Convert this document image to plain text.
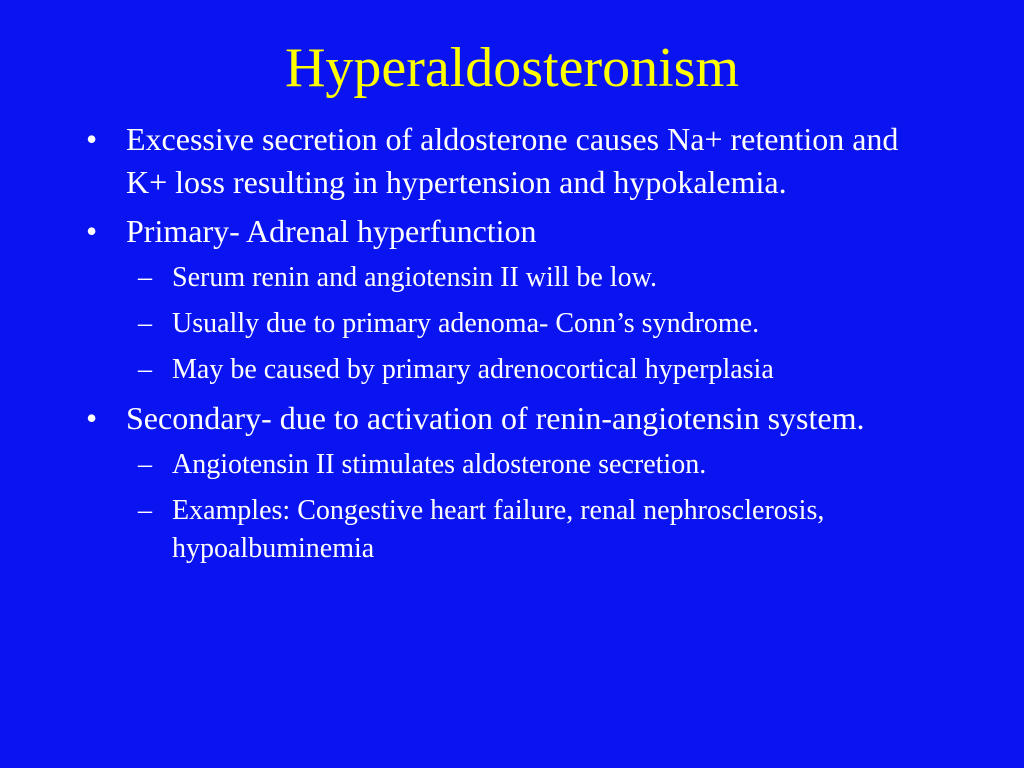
Hyperaldosteronism
• Excessive secretion of aldosterone causes Na+ retention and K+ loss resulting in hypertension and hypokalemia.
• Primary- Adrenal hyperfunction
– Serum renin and angiotensin II will be low.
– Usually due to primary adenoma- Conn’s syndrome.
– May be caused by primary adrenocortical hyperplasia
• Secondary- due to activation of renin-angiotensin system.
– Angiotensin II stimulates aldosterone secretion.
– Examples: Congestive heart failure, renal nephrosclerosis, hypoalbuminemia
